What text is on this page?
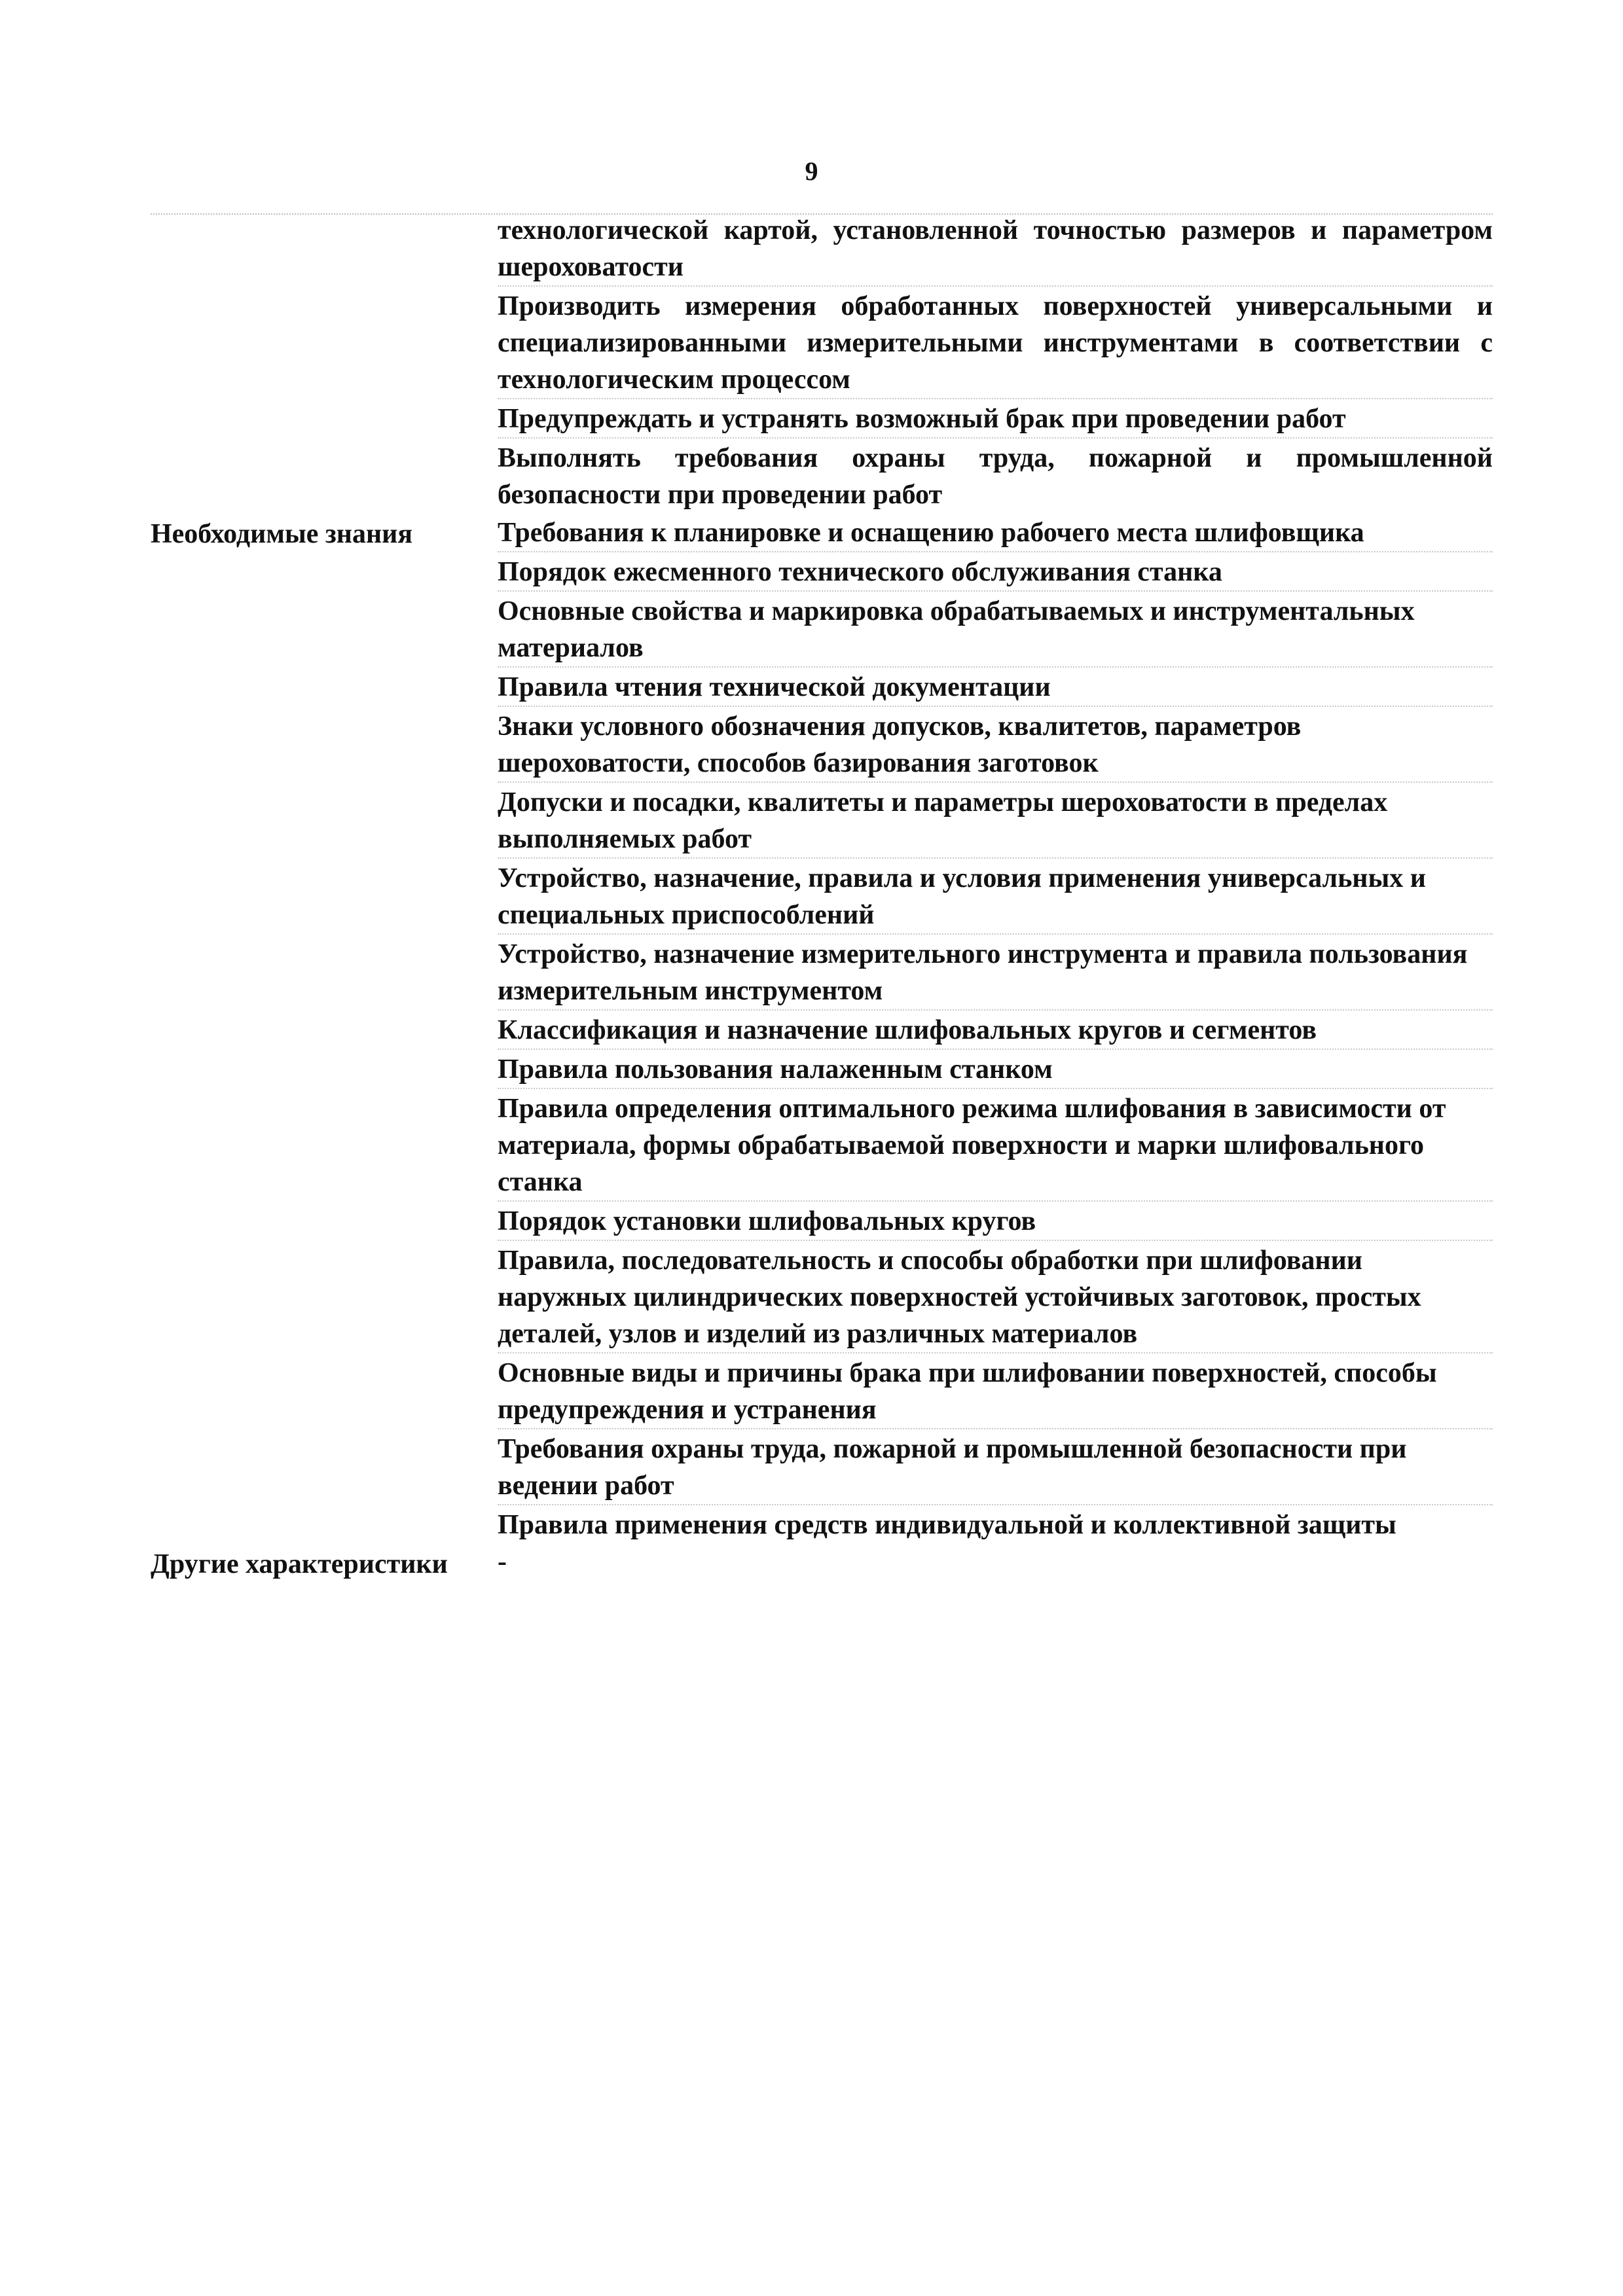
9
технологической картой, установленной точностью размеров и параметром шероховатости
Производить измерения обработанных поверхностей универсальными и специализированными измерительными инструментами в соответствии с технологическим процессом
Предупреждать и устранять возможный брак при проведении работ
Выполнять требования охраны труда, пожарной и промышленной безопасности при проведении работ
Необходимые знания	Требования к планировке и оснащению рабочего места шлифовщика
Порядок ежесменного технического обслуживания станка
Основные свойства и маркировка обрабатываемых и инструментальных материалов
Правила чтения технической документации
Знаки условного обозначения допусков, квалитетов, параметров шероховатости, способов базирования заготовок
Допуски и посадки, квалитеты и параметры шероховатости в пределах выполняемых работ
Устройство, назначение, правила и условия применения универсальных и специальных приспособлений
Устройство, назначение измерительного инструмента и правила пользования измерительным инструментом
Классификация и назначение шлифовальных кругов и сегментов
Правила пользования налаженным станком
Правила определения оптимального режима шлифования в зависимости от материала, формы обрабатываемой поверхности и марки шлифовального станка
Порядок установки шлифовальных кругов
Правила, последовательность и способы обработки при шлифовании наружных цилиндрических поверхностей устойчивых заготовок, простых деталей, узлов и изделий из различных материалов
Основные виды и причины брака при шлифовании поверхностей, способы предупреждения и устранения
Требования охраны труда, пожарной и промышленной безопасности при ведении работ
Правила применения средств индивидуальной и коллективной защиты
Другие характеристики	-
